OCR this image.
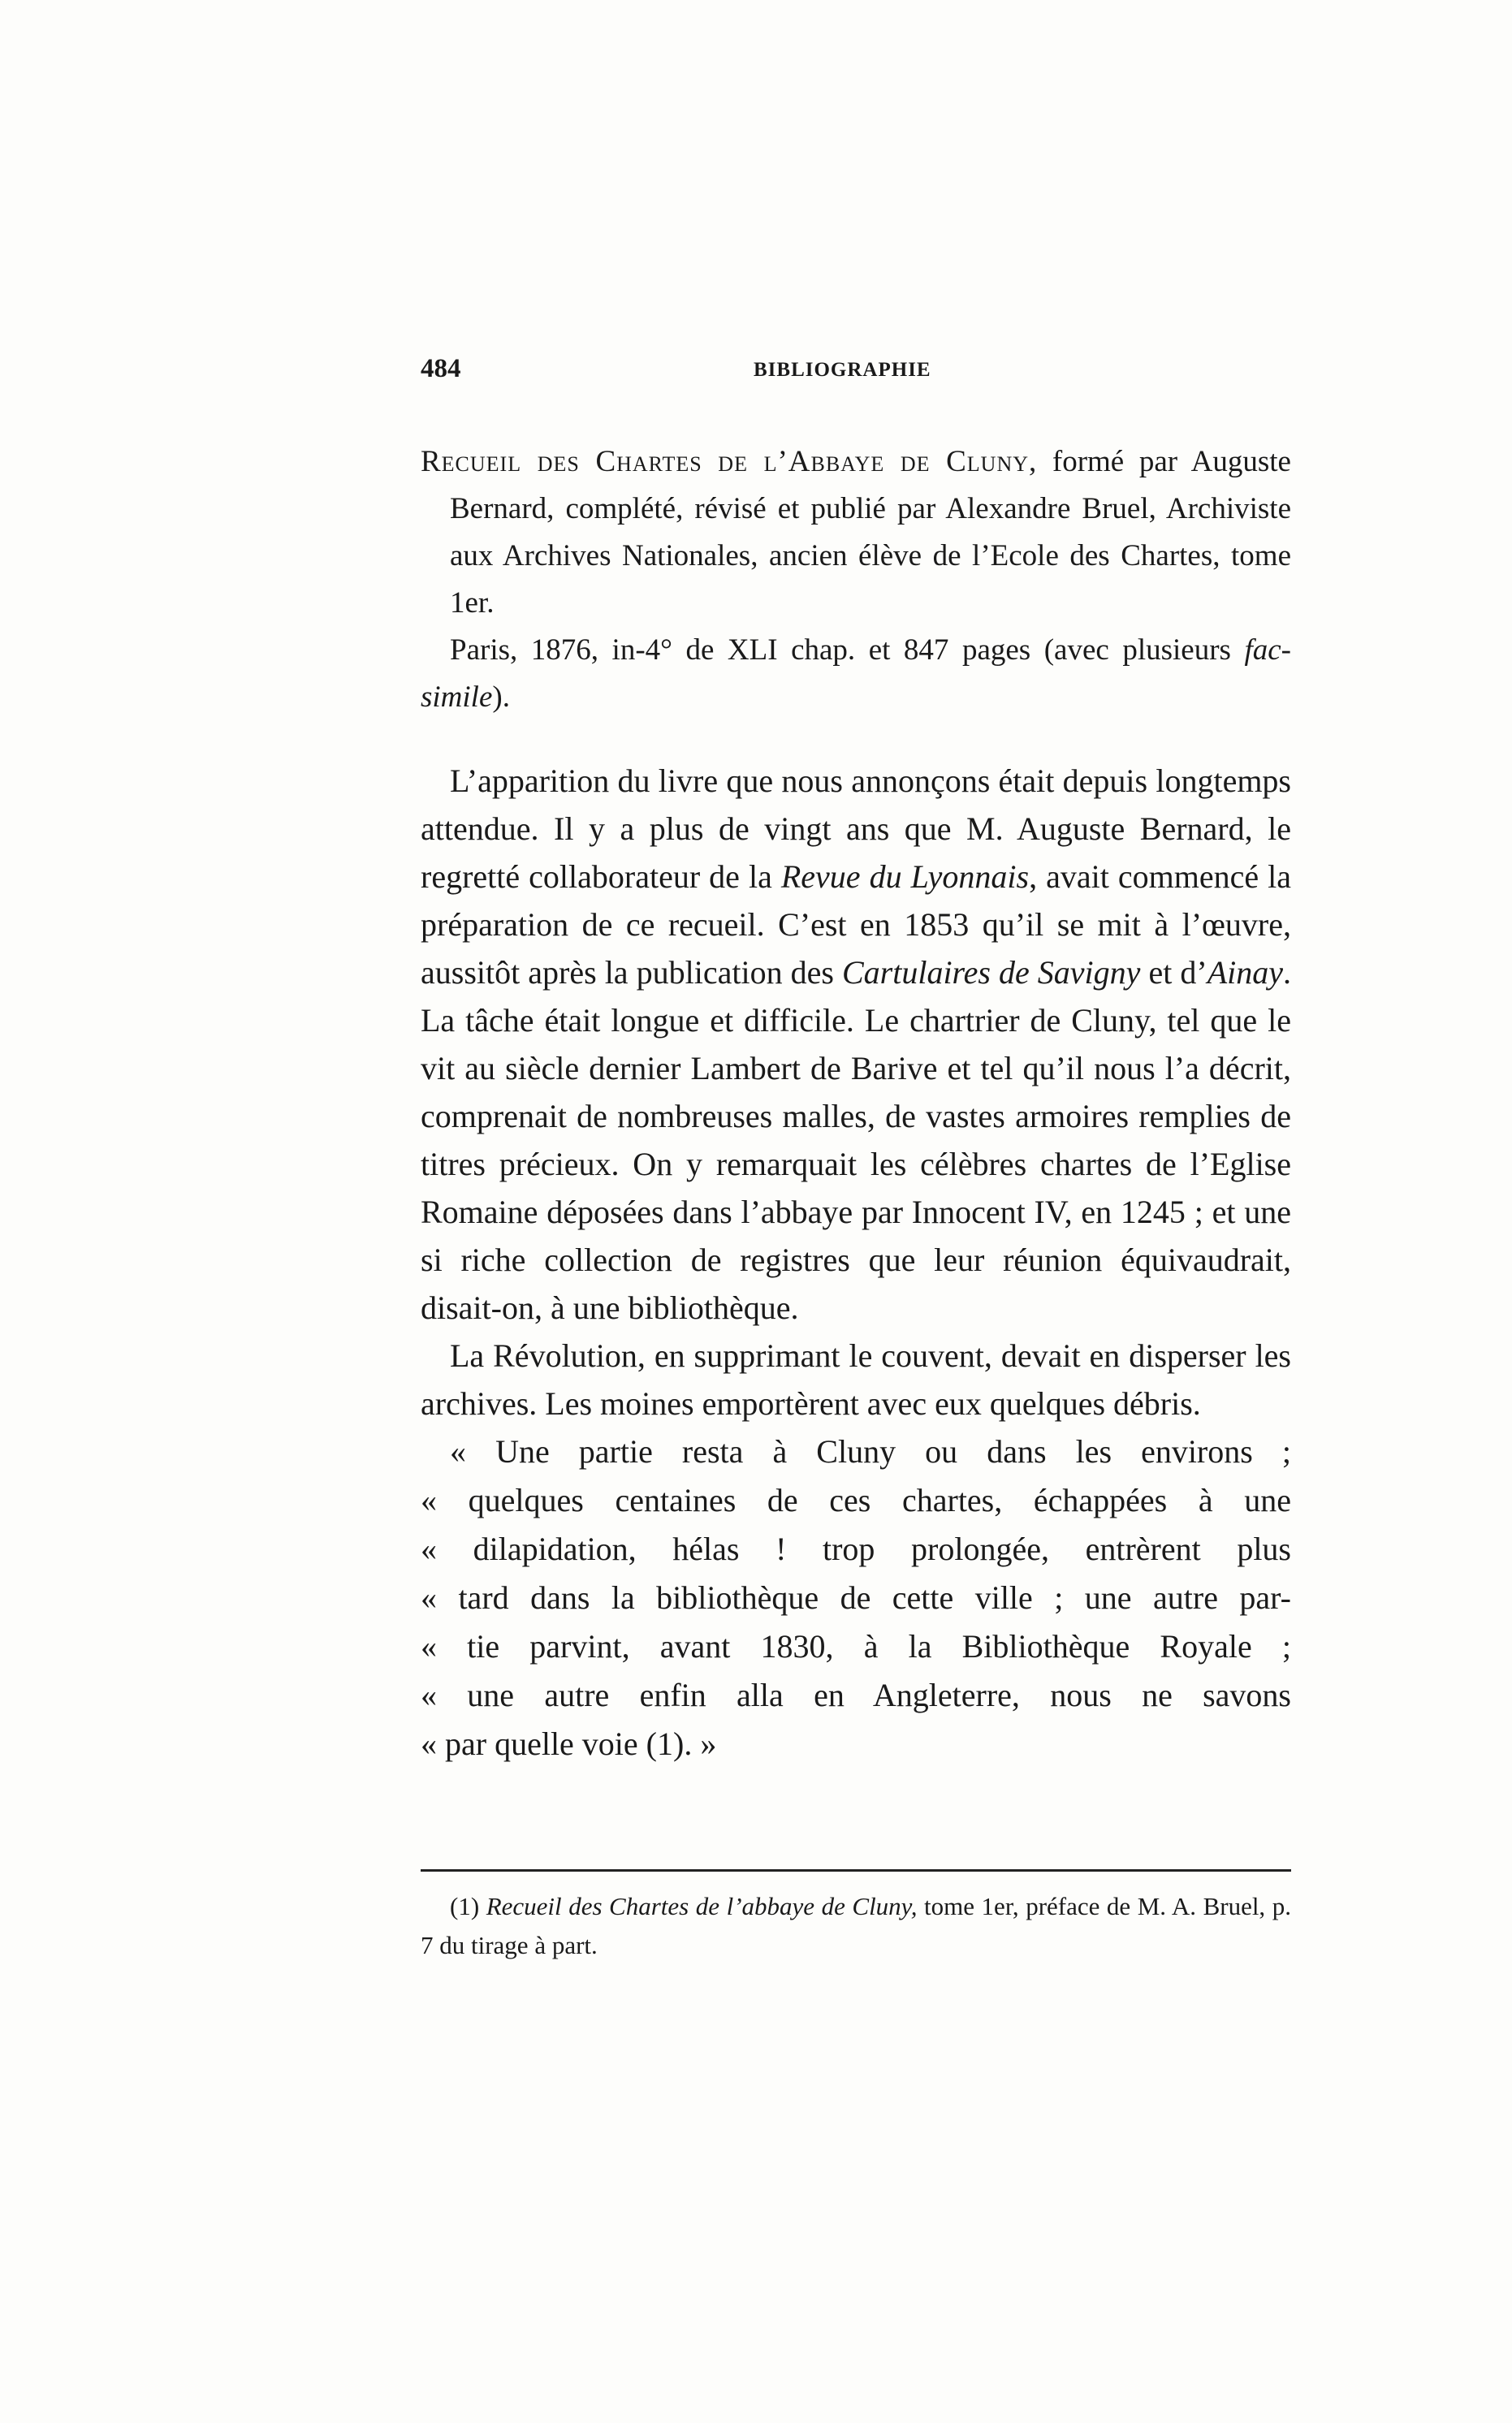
484	BIBLIOGRAPHIE

Recueil des Chartes de l’Abbaye de Cluny, formé par Auguste Bernard, complété, révisé et publié par Alexandre Bruel, Archiviste aux Archives Nationales, ancien élève de l’Ecole des Chartes, tome 1er.

Paris, 1876, in-4° de XLI chap. et 847 pages (avec plusieurs fac-simile).

L’apparition du livre que nous annonçons était depuis longtemps attendue. Il y a plus de vingt ans que M. Auguste Bernard, le regretté collaborateur de la Revue du Lyonnais, avait commencé la préparation de ce recueil. C’est en 1853 qu’il se mit à l’œuvre, aussitôt après la publication des Cartulaires de Savigny et d’Ainay. La tâche était longue et difficile. Le chartrier de Cluny, tel que le vit au siècle dernier Lambert de Barive et tel qu’il nous l’a décrit, comprenait de nombreuses malles, de vastes armoires remplies de titres précieux. On y remarquait les célèbres chartes de l’Eglise Romaine déposées dans l’abbaye par Innocent IV, en 1245 ; et une si riche collection de registres que leur réunion équivaudrait, disait-on, à une bibliothèque.

La Révolution, en supprimant le couvent, devait en disperser les archives. Les moines emportèrent avec eux quelques débris.

« Une partie resta à Cluny ou dans les environs ;

« quelques centaines de ces chartes, échappées à une

« dilapidation, hélas ! trop prolongée, entrèrent plus

« tard dans la bibliothèque de cette ville ; une autre par-

« tie parvint, avant 1830, à la Bibliothèque Royale ;

« une autre enfin alla en Angleterre, nous ne savons

« par quelle voie (1). »

(1) Recueil des Chartes de l’abbaye de Cluny, tome 1er, préface de M. A. Bruel, p. 7 du tirage à part.
